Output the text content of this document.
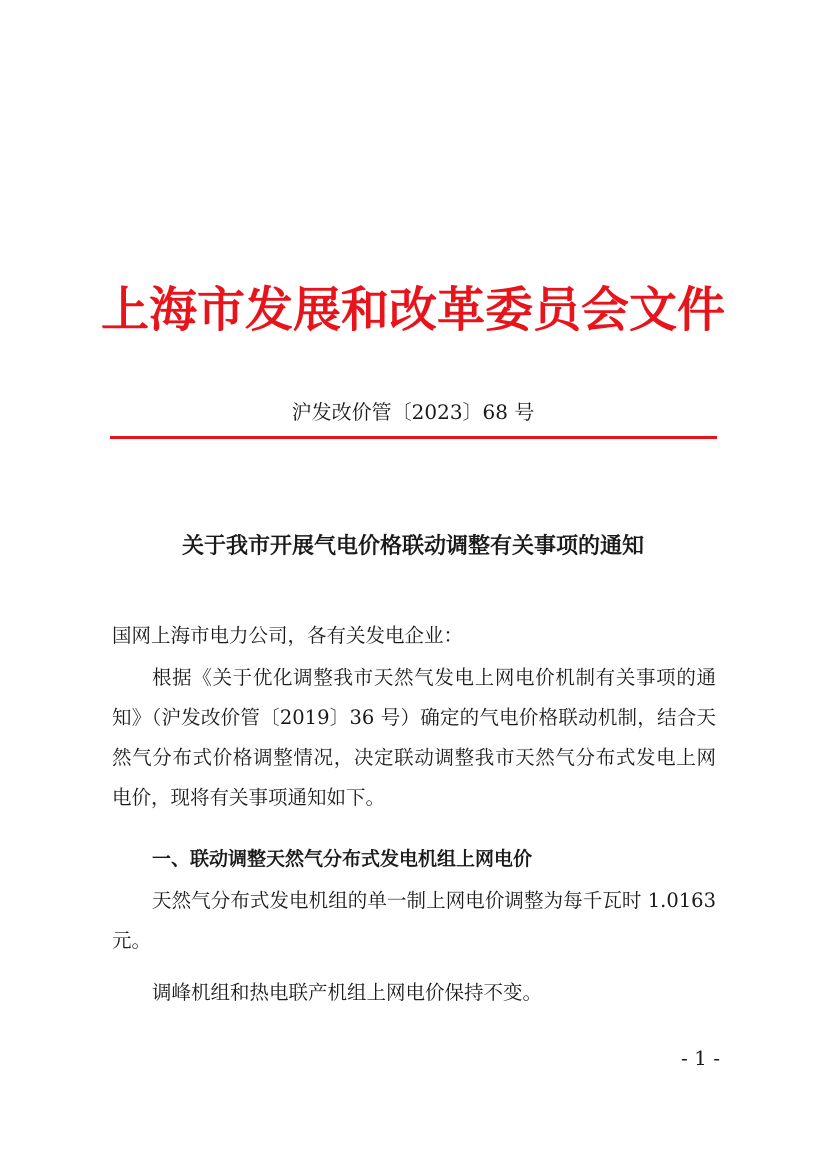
上海市发展和改革委员会文件
沪发改价管〔2023〕68 号
关于我市开展气电价格联动调整有关事项的通知
国网上海市电力公司，各有关发电企业：
根据《关于优化调整我市天然气发电上网电价机制有关事项的通知》（沪发改价管〔2019〕36 号）确定的气电价格联动机制，结合天然气分布式价格调整情况，决定联动调整我市天然气分布式发电上网电价，现将有关事项通知如下。
一、联动调整天然气分布式发电机组上网电价
天然气分布式发电机组的单一制上网电价调整为每千瓦时 1.0163 元。
调峰机组和热电联产机组上网电价保持不变。
- 1 -
